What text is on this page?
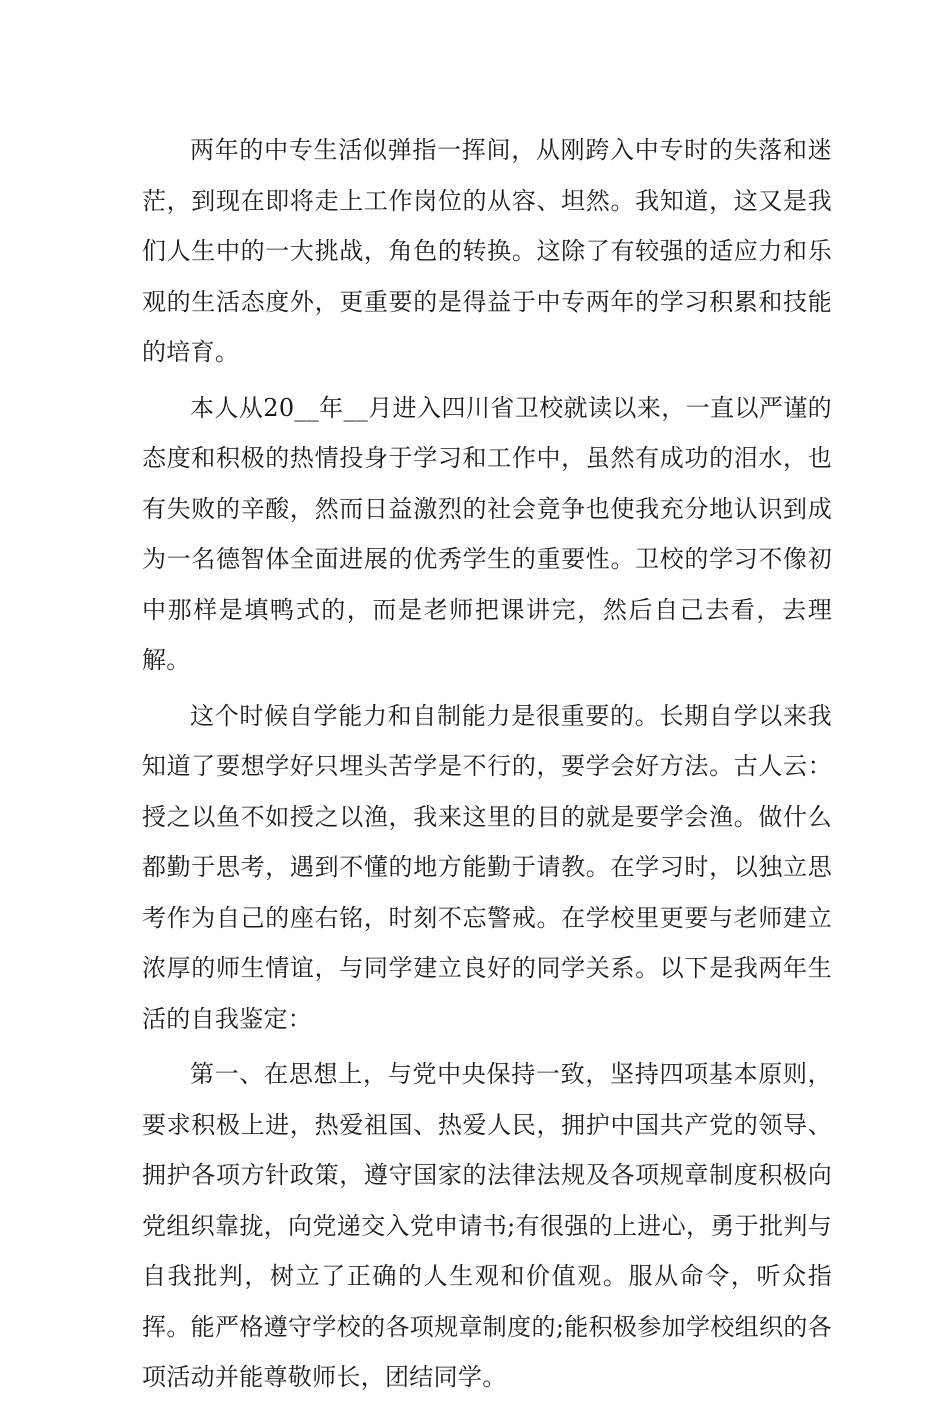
两年的中专生活似弹指一挥间，从刚跨入中专时的失落和迷茫，到现在即将走上工作岗位的从容、坦然。我知道，这又是我们人生中的一大挑战，角色的转换。这除了有较强的适应力和乐观的生活态度外，更重要的是得益于中专两年的学习积累和技能的培育。

本人从20__年__月进入四川省卫校就读以来，一直以严谨的态度和积极的热情投身于学习和工作中，虽然有成功的泪水，也有失败的辛酸，然而日益激烈的社会竟争也使我充分地认识到成为一名德智体全面进展的优秀学生的重要性。卫校的学习不像初中那样是填鸭式的，而是老师把课讲完，然后自己去看，去理解。

这个时候自学能力和自制能力是很重要的。长期自学以来我知道了要想学好只埋头苦学是不行的，要学会好方法。古人云：授之以鱼不如授之以渔，我来这里的目的就是要学会渔。做什么都勤于思考，遇到不懂的地方能勤于请教。在学习时，以独立思考作为自己的座右铭，时刻不忘警戒。在学校里更要与老师建立浓厚的师生情谊，与同学建立良好的同学关系。以下是我两年生活的自我鉴定：

第一、在思想上，与党中央保持一致，坚持四项基本原则，要求积极上进，热爱祖国、热爱人民，拥护中国共产党的领导、拥护各项方针政策，遵守国家的法律法规及各项规章制度积极向党组织靠拢，向党递交入党申请书;有很强的上进心，勇于批判与自我批判，树立了正确的人生观和价值观。服从命令，听众指挥。能严格遵守学校的各项规章制度的;能积极参加学校组织的各项活动并能尊敬师长，团结同学。
